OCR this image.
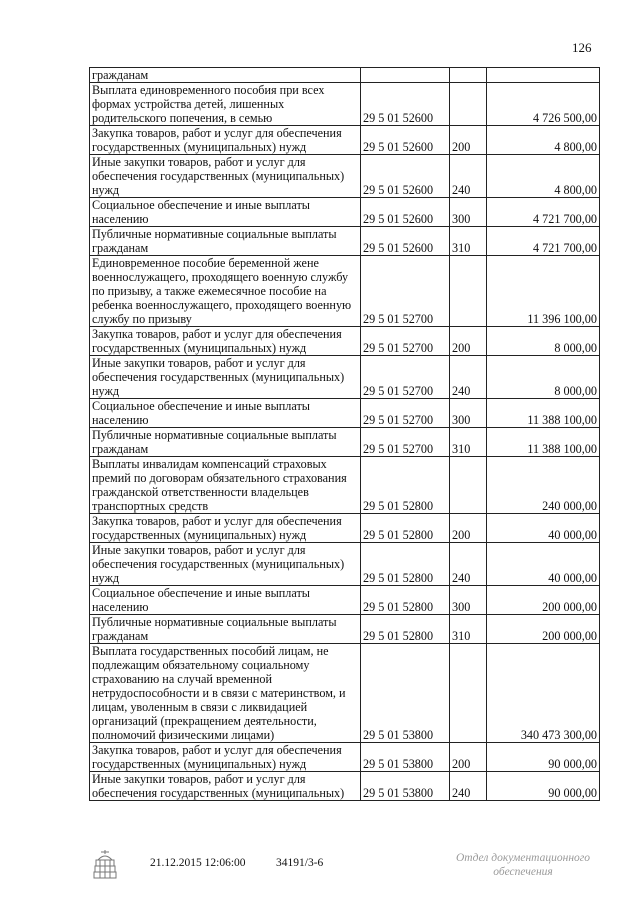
126
гражданам			
Выплата единовременного пособия при всех формах устройства детей, лишенных родительского попечения, в семью	29 5 01 52600		4 726 500,00
Закупка товаров, работ и услуг для обеспечения государственных (муниципальных) нужд	29 5 01 52600	200	4 800,00
Иные закупки товаров, работ и услуг для обеспечения государственных (муниципальных) нужд	29 5 01 52600	240	4 800,00
Социальное обеспечение и иные выплаты населению	29 5 01 52600	300	4 721 700,00
Публичные нормативные социальные выплаты гражданам	29 5 01 52600	310	4 721 700,00
Единовременное пособие беременной жене военнослужащего, проходящего военную службу по призыву, а также ежемесячное пособие на ребенка военнослужащего, проходящего военную службу по призыву	29 5 01 52700		11 396 100,00
Закупка товаров, работ и услуг для обеспечения государственных (муниципальных) нужд	29 5 01 52700	200	8 000,00
Иные закупки товаров, работ и услуг для обеспечения государственных (муниципальных) нужд	29 5 01 52700	240	8 000,00
Социальное обеспечение и иные выплаты населению	29 5 01 52700	300	11 388 100,00
Публичные нормативные социальные выплаты гражданам	29 5 01 52700	310	11 388 100,00
Выплаты инвалидам компенсаций страховых премий по договорам обязательного страхования гражданской ответственности владельцев транспортных средств	29 5 01 52800		240 000,00
Закупка товаров, работ и услуг для обеспечения государственных (муниципальных) нужд	29 5 01 52800	200	40 000,00
Иные закупки товаров, работ и услуг для обеспечения государственных (муниципальных) нужд	29 5 01 52800	240	40 000,00
Социальное обеспечение и иные выплаты населению	29 5 01 52800	300	200 000,00
Публичные нормативные социальные выплаты гражданам	29 5 01 52800	310	200 000,00
Выплата государственных пособий лицам, не подлежащим обязательному социальному страхованию на случай временной нетрудоспособности и в связи с материнством, и лицам, уволенным в связи с ликвидацией организаций (прекращением деятельности, полномочий физическими лицами)	29 5 01 53800		340 473 300,00
Закупка товаров, работ и услуг для обеспечения государственных (муниципальных) нужд	29 5 01 53800	200	90 000,00
Иные закупки товаров, работ и услуг для обеспечения государственных (муниципальных)	29 5 01 53800	240	90 000,00
21.12.2015 12:06:00	34191/3-6	Отдел документационного
обеспечения
